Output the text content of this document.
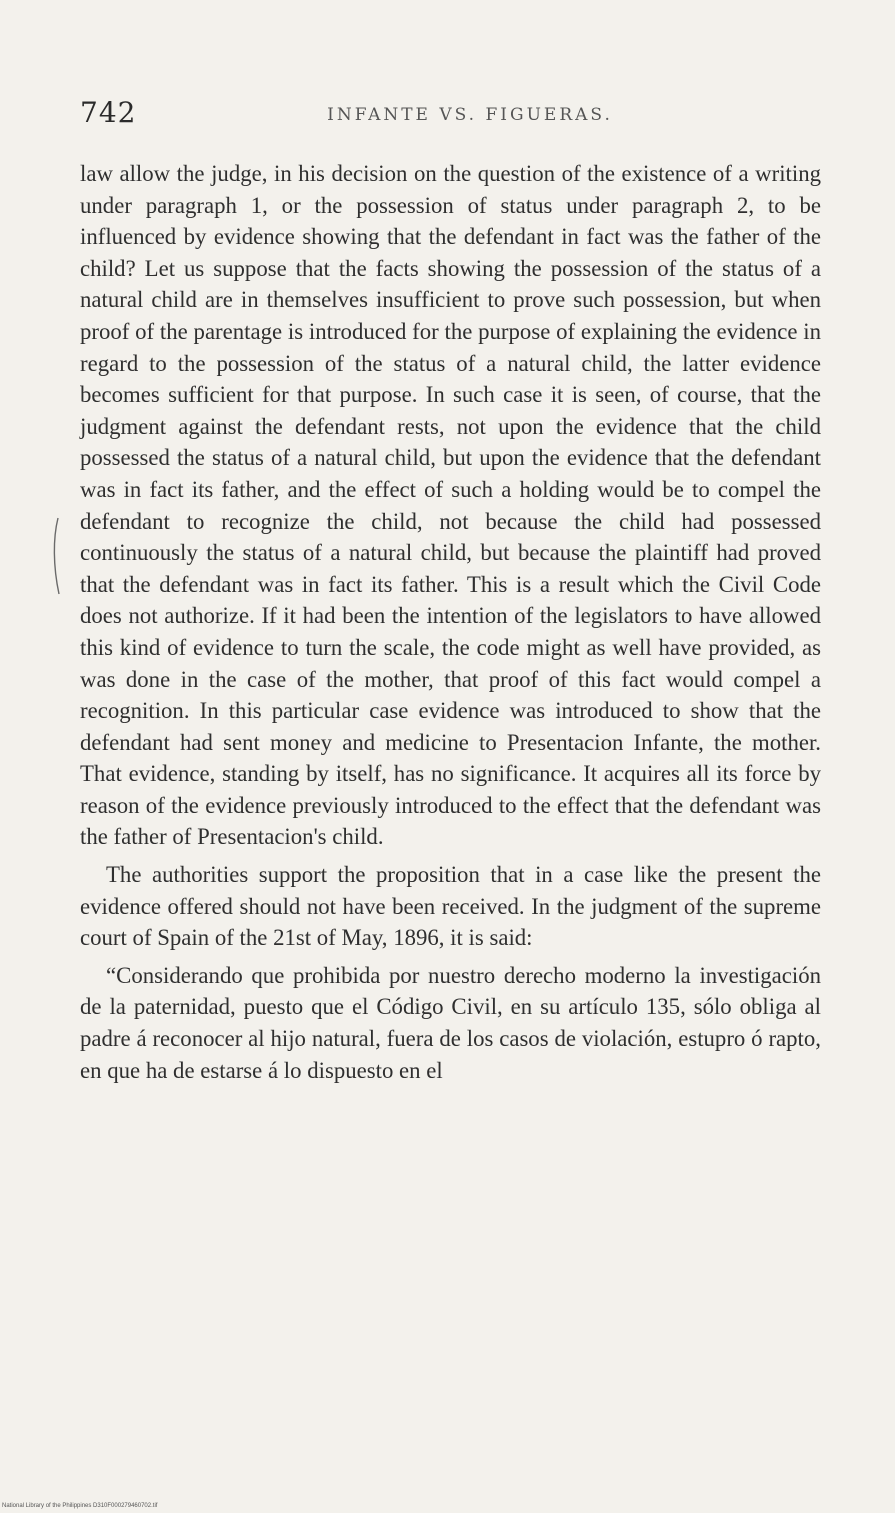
742	INFANTE VS. FIGUERAS.

law allow the judge, in his decision on the question of the existence of a writing under paragraph 1, or the possession of status under paragraph 2, to be influenced by evidence showing that the defendant in fact was the father of the child? Let us suppose that the facts showing the possession of the status of a natural child are in themselves insufficient to prove such possession, but when proof of the parentage is introduced for the purpose of explaining the evidence in regard to the possession of the status of a natural child, the latter evidence becomes sufficient for that purpose. In such case it is seen, of course, that the judgment against the defendant rests, not upon the evidence that the child possessed the status of a natural child, but upon the evidence that the defendant was in fact its father, and the effect of such a holding would be to compel the defendant to recognize the child, not because the child had possessed continuously the status of a natural child, but because the plaintiff had proved that the defendant was in fact its father. This is a result which the Civil Code does not authorize. If it had been the intention of the legislators to have allowed this kind of evidence to turn the scale, the code might as well have provided, as was done in the case of the mother, that proof of this fact would compel a recognition. In this particular case evidence was introduced to show that the defendant had sent money and medicine to Presentacion Infante, the mother. That evidence, standing by itself, has no significance. It acquires all its force by reason of the evidence previously introduced to the effect that the defendant was the father of Presentacion's child.

The authorities support the proposition that in a case like the present the evidence offered should not have been received. In the judgment of the supreme court of Spain of the 21st of May, 1896, it is said:

“Considerando que prohibida por nuestro derecho moderno la investigación de la paternidad, puesto que el Código Civil, en su artículo 135, sólo obliga al padre á reconocer al hijo natural, fuera de los casos de violación, estupro ó rapto, en que ha de estarse á lo dispuesto en el

National Library of the Philippines D310F000279460702.tif
